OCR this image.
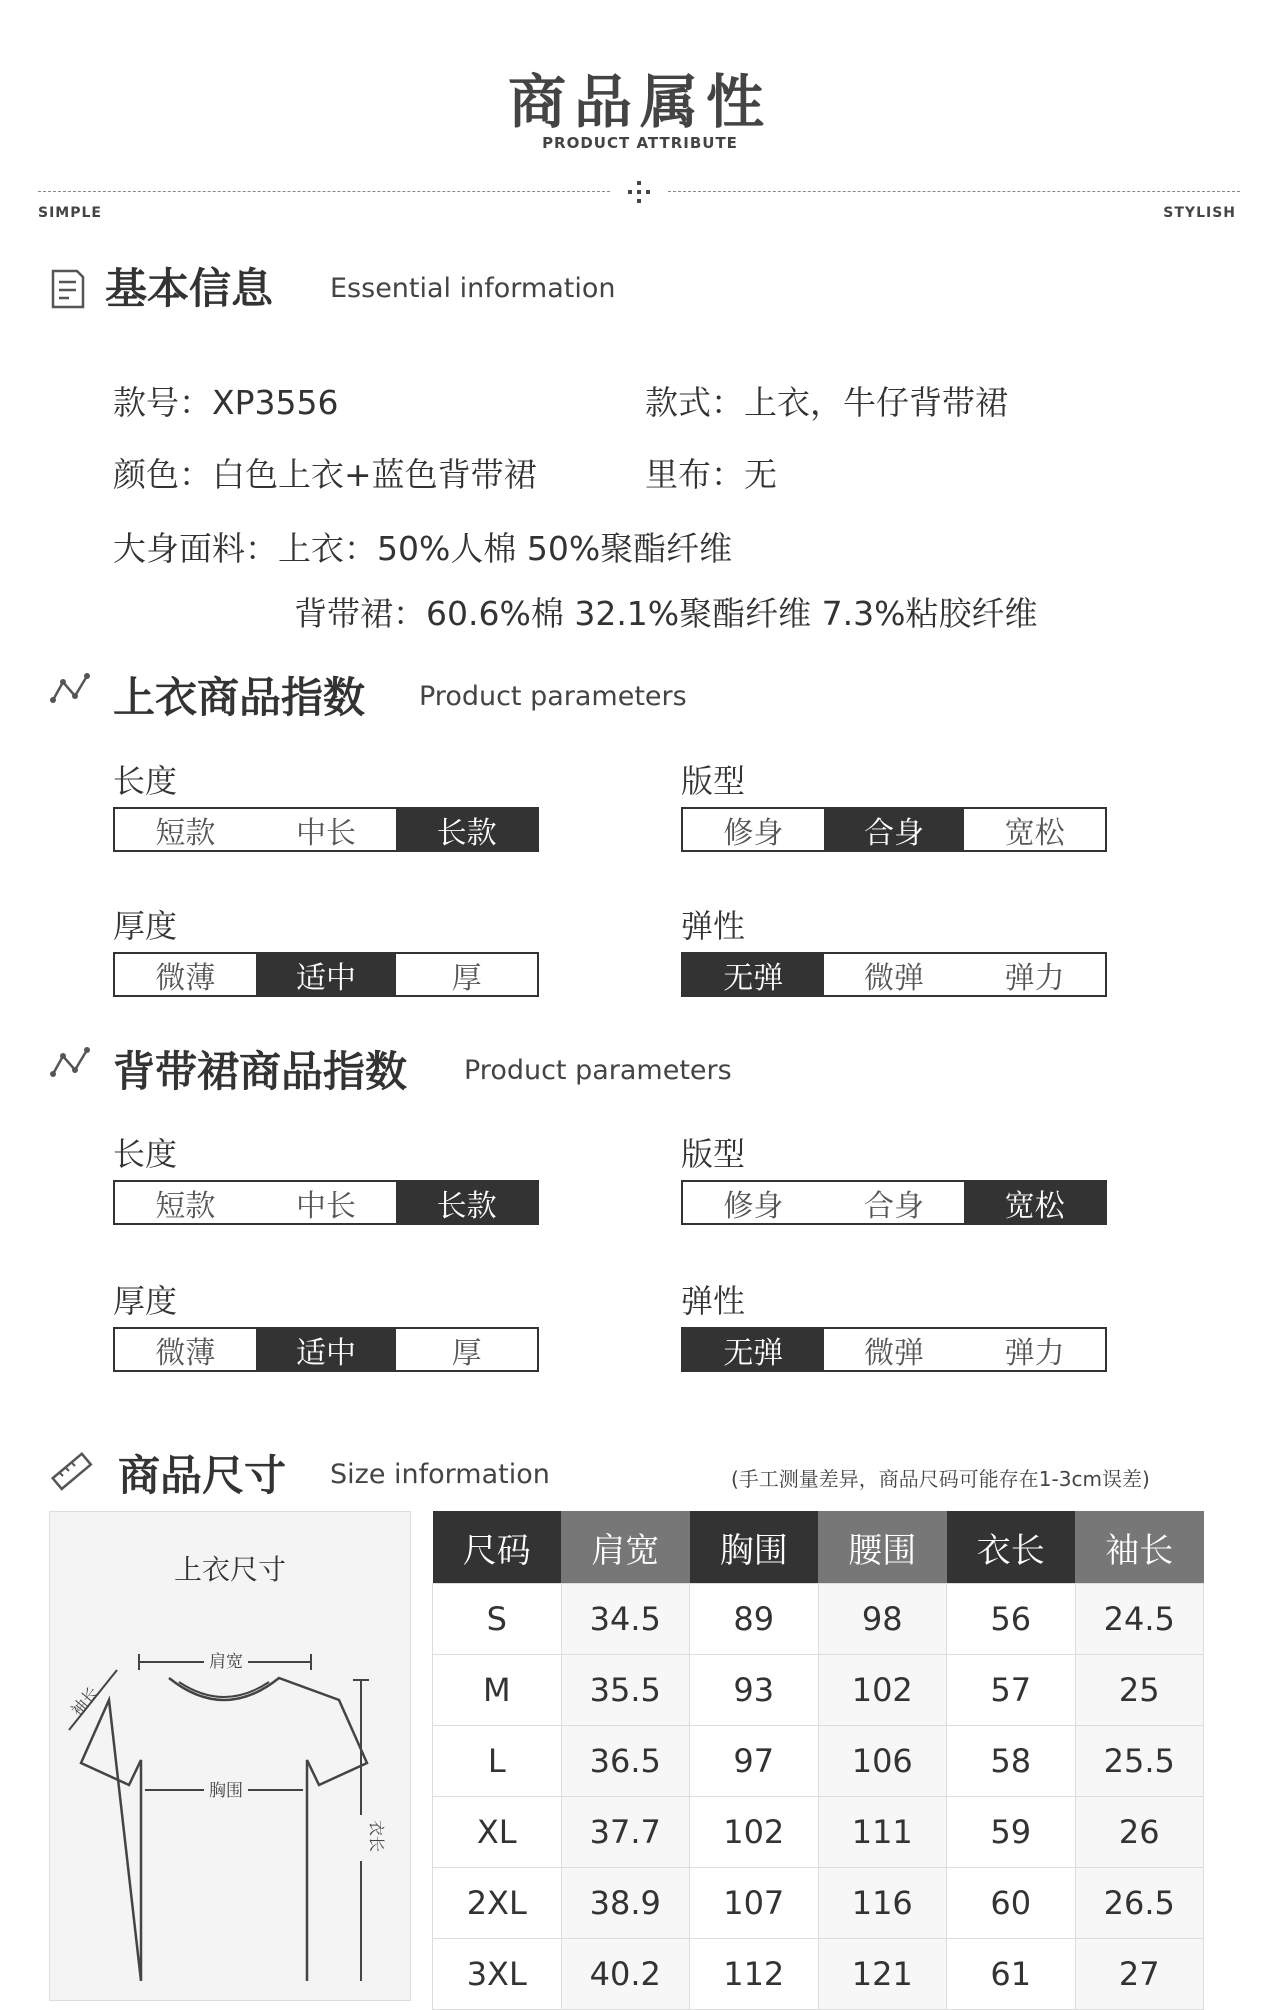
商品属性
PRODUCT ATTRIBUTE
SIMPLE	STYLISH
基本信息 Essential information
款号：XP3556	款式：上衣，牛仔背带裙
颜色：白色上衣+蓝色背带裙	里布：无
大身面料：上衣：50%人棉 50%聚酯纤维
背带裙：60.6%棉 32.1%聚酯纤维 7.3%粘胶纤维
上衣商品指数 Product parameters
长度
短款	中长	长款
版型
修身	合身	宽松
厚度
微薄	适中	厚
弹性
无弹	微弹	弹力
背带裙商品指数 Product parameters
长度
短款	中长	长款
版型
修身	合身	宽松
厚度
微薄	适中	厚
弹性
无弹	微弹	弹力
商品尺寸 Size information	(手工测量差异，商品尺码可能存在1-3cm误差)
上衣尺寸
肩宽
袖长
胸围
衣长
尺码	肩宽	胸围	腰围	衣长	袖长
S	34.5	89	98	56	24.5
M	35.5	93	102	57	25
L	36.5	97	106	58	25.5
XL	37.7	102	111	59	26
2XL	38.9	107	116	60	26.5
3XL	40.2	112	121	61	27
